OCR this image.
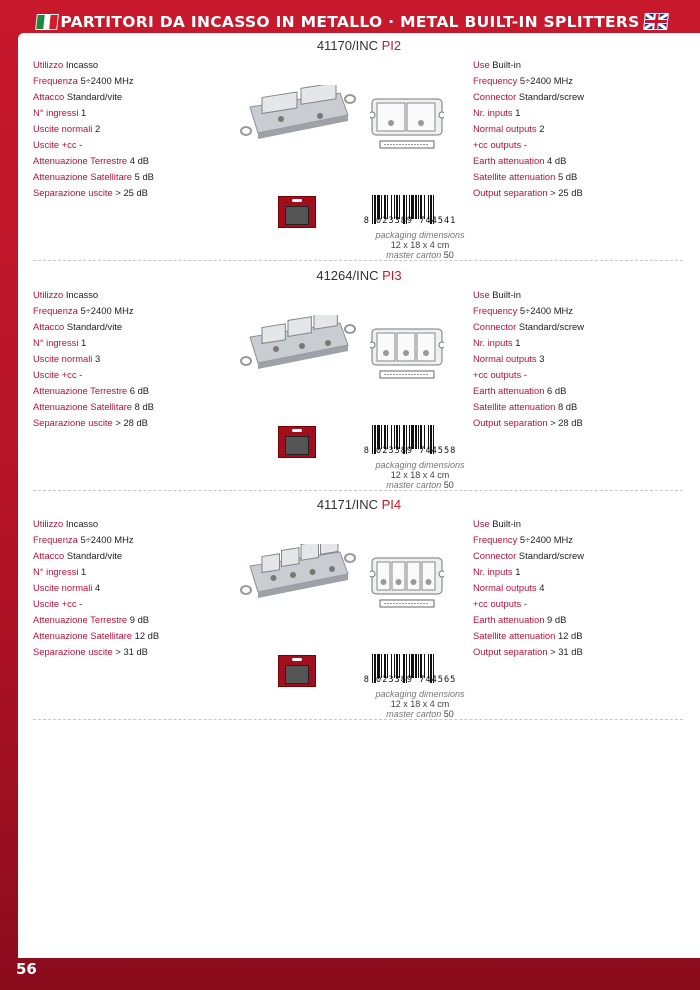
PARTITORI DA INCASSO IN METALLO · METAL BUILT-IN SPLITTERS
41170/INC PI2
Utilizzo Incasso
Frequenza 5÷2400 MHz
Attacco Standard/vite
N° ingressi 1
Uscite normali 2
Uscite +cc -
Attenuazione Terrestre 4 dB
Attenuazione Satellitare 5 dB
Separazione uscite > 25 dB
Use Built-in
Frequency 5÷2400 MHz
Connector Standard/screw
Nr. inputs 1
Normal outputs 2
+cc outputs -
Earth attenuation 4 dB
Satellite attenuation 5 dB
Output separation > 25 dB
8 023389 744541
packaging dimensions
12 x 18 x 4 cm
master carton 50
41264/INC PI3
Utilizzo Incasso
Frequenza 5÷2400 MHz
Attacco Standard/vite
N° ingressi 1
Uscite normali 3
Uscite +cc -
Attenuazione Terrestre 6 dB
Attenuazione Satellitare 8 dB
Separazione uscite > 28 dB
Use Built-in
Frequency 5÷2400 MHz
Connector Standard/screw
Nr. inputs 1
Normal outputs 3
+cc outputs -
Earth attenuation 6 dB
Satellite attenuation 8 dB
Output separation > 28 dB
8 023389 744558
packaging dimensions
12 x 18 x 4 cm
master carton 50
41171/INC PI4
Utilizzo Incasso
Frequenza 5÷2400 MHz
Attacco Standard/vite
N° ingressi 1
Uscite normali 4
Uscite +cc -
Attenuazione Terrestre 9 dB
Attenuazione Satellitare 12 dB
Separazione uscite > 31 dB
Use Built-in
Frequency 5÷2400 MHz
Connector Standard/screw
Nr. inputs 1
Normal outputs 4
+cc outputs -
Earth attenuation 9 dB
Satellite attenuation 12 dB
Output separation > 31 dB
8 023389 744565
packaging dimensions
12 x 18 x 4 cm
master carton 50
56
